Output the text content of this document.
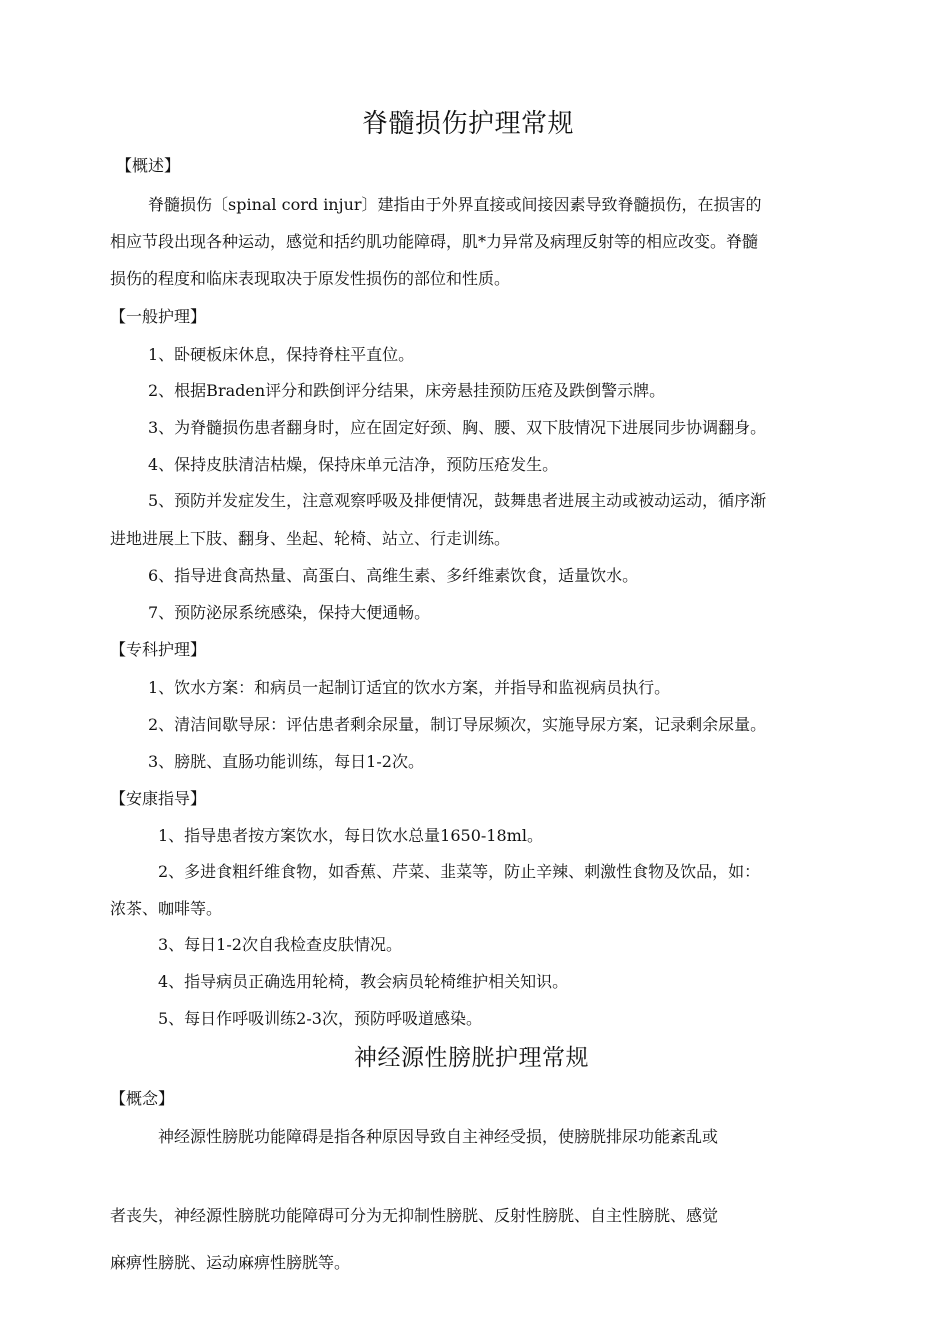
脊髓损伤护理常规
【概述】
脊髓损伤〔spinal cord injur〕建指由于外界直接或间接因素导致脊髓损伤，在损害的
相应节段出现各种运动，感觉和括约肌功能障碍，肌*力异常及病理反射等的相应改变。脊髓
损伤的程度和临床表现取决于原发性损伤的部位和性质。
【一般护理】
1、卧硬板床休息，保持脊柱平直位。
2、根据Braden评分和跌倒评分结果，床旁悬挂预防压疮及跌倒警示牌。
3、为脊髓损伤患者翻身时，应在固定好颈、胸、腰、双下肢情况下进展同步协调翻身。
4、保持皮肤清洁枯燥，保持床单元洁净，预防压疮发生。
5、预防并发症发生，注意观察呼吸及排便情况，鼓舞患者进展主动或被动运动，循序渐
进地进展上下肢、翻身、坐起、轮椅、站立、行走训练。
6、指导进食高热量、高蛋白、高维生素、多纤维素饮食，适量饮水。
7、预防泌尿系统感染，保持大便通畅。
【专科护理】
1、饮水方案：和病员一起制订适宜的饮水方案，并指导和监视病员执行。
2、清洁间歇导尿：评估患者剩余尿量，制订导尿频次，实施导尿方案，记录剩余尿量。
3、膀胱、直肠功能训练，每日1-2次。
【安康指导】
1、指导患者按方案饮水，每日饮水总量1650-18ml。
2、多进食粗纤维食物，如香蕉、芹菜、韭菜等，防止辛辣、刺激性食物及饮品，如：
浓茶、咖啡等。
3、每日1-2次自我检查皮肤情况。
4、指导病员正确选用轮椅，教会病员轮椅维护相关知识。
5、每日作呼吸训练2-3次，预防呼吸道感染。
神经源性膀胱护理常规
【概念】
神经源性膀胱功能障碍是指各种原因导致自主神经受损，使膀胱排尿功能紊乱或
者丧失，神经源性膀胱功能障碍可分为无抑制性膀胱、反射性膀胱、自主性膀胱、感觉
麻痹性膀胱、运动麻痹性膀胱等。
